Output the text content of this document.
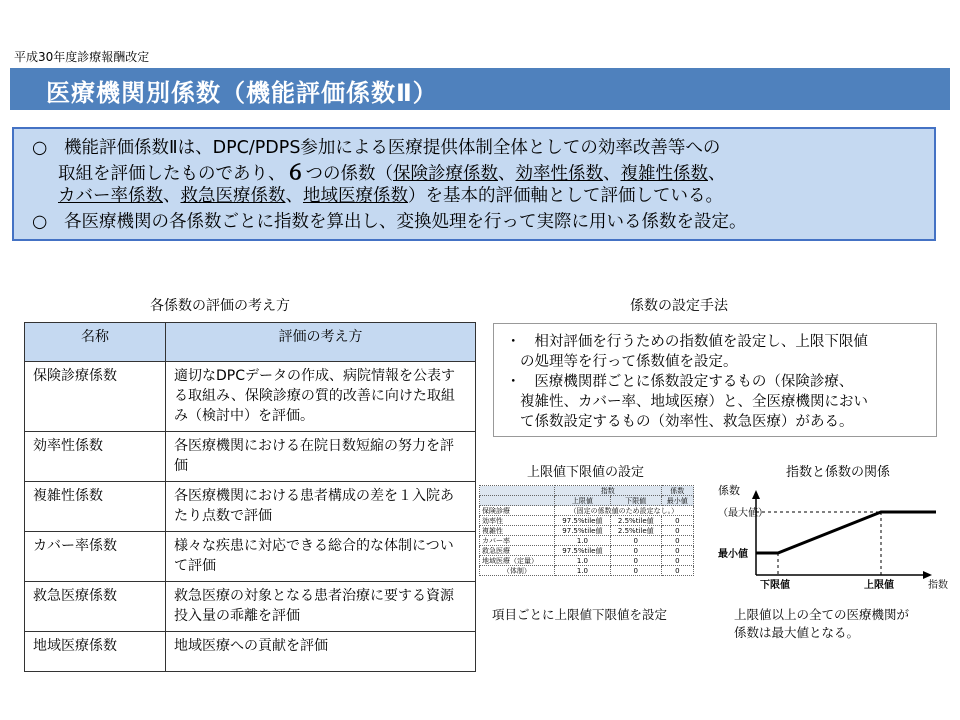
平成30年度診療報酬改定
医療機関別係数（機能評価係数Ⅱ）
○ 機能評価係数Ⅱは、DPC/PDPS参加による医療提供体制全体としての効率改善等への
取組を評価したものであり、６つの係数（保険診療係数、効率性係数、複雑性係数、
カバー率係数、救急医療係数、地域医療係数）を基本的評価軸として評価している。
○ 各医療機関の各係数ごとに指数を算出し、変換処理を行って実際に用いる係数を設定。
各係数の評価の考え方
名称	評価の考え方
保険診療係数	適切なDPCデータの作成、病院情報を公表する取組み、保険診療の質的改善に向けた取組み（検討中）を評価。
効率性係数	各医療機関における在院日数短縮の努力を評価
複雑性係数	各医療機関における患者構成の差を１入院あたり点数で評価
カバー率係数	様々な疾患に対応できる総合的な体制について評価
救急医療係数	救急医療の対象となる患者治療に要する資源投入量の乖離を評価
地域医療係数	地域医療への貢献を評価
係数の設定手法
・ 相対評価を行うための指数値を設定し、上限下限値
の処理等を行って係数値を設定。
・ 医療機関群ごとに係数設定するもの（保険診療、
複雑性、カバー率、地域医療）と、全医療機関におい
て係数設定するもの（効率性、救急医療）がある。
上限値下限値の設定
	指数		係数
	上限値	下限値	最小値
保険診療	（固定の係数値のため設定なし。）		
効率性	97.5%tile値	2.5%tile値	0
複雑性	97.5%tile値	2.5%tile値	0
カバー率	1.0	0	0
救急医療	97.5%tile値	0	0
地域医療（定量）	1.0	0	0
（体制）	1.0	0	0
項目ごとに上限値下限値を設定
指数と係数の関係
係数
（最大値）
最小値
下限値	上限値	指数
上限値以上の全ての医療機関が
係数は最大値となる。
